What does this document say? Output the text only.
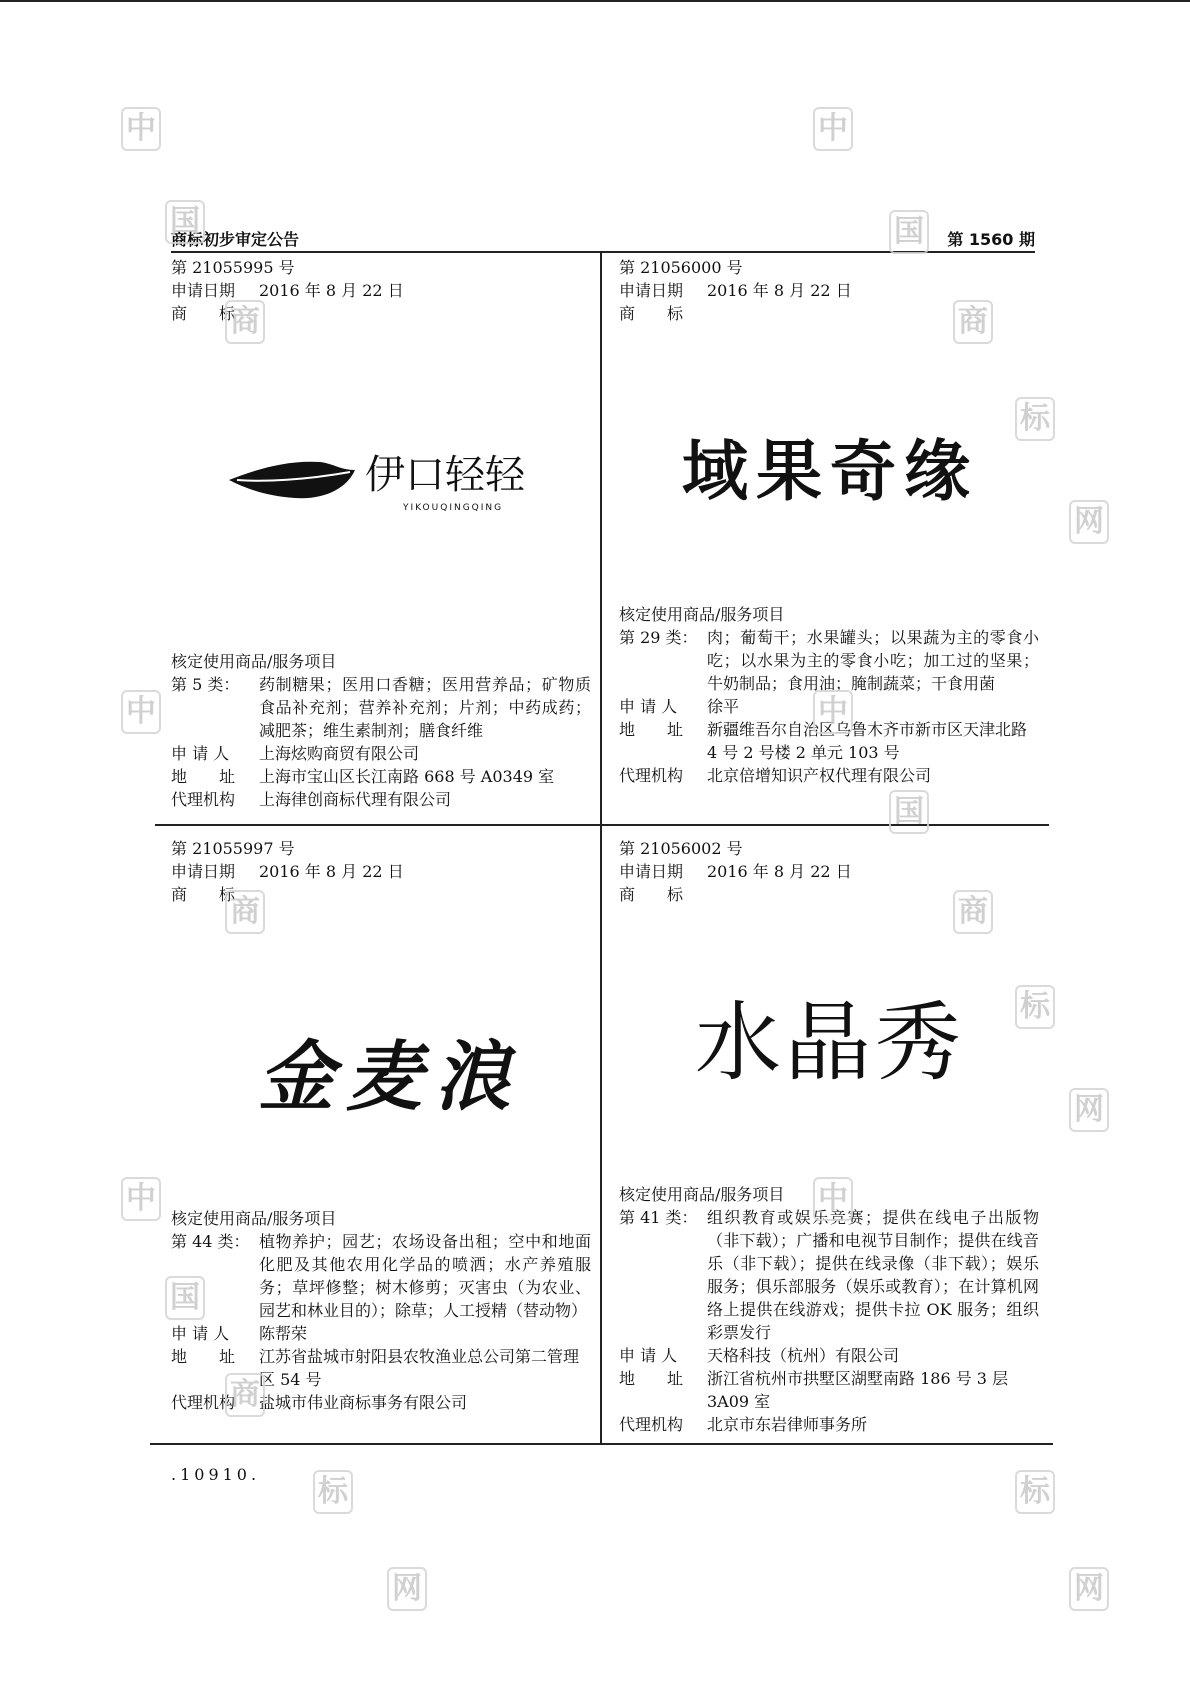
商标初步审定公告	第 1560 期
第 21055995 号
申请日期 2016 年 8 月 22 日
商　　标
伊口轻轻
YIKOUQINGQING
核定使用商品/服务项目
第 5 类：	药制糖果；医用口香糖；医用营养品；矿物质食品补充剂；营养补充剂；片剂；中药成药；减肥茶；维生素制剂；膳食纤维
申 请 人	上海炫购商贸有限公司
地　　址	上海市宝山区长江南路 668 号 A0349 室
代理机构	上海律创商标代理有限公司
第 21056000 号
申请日期 2016 年 8 月 22 日
商　　标
域果奇缘
核定使用商品/服务项目
第 29 类： 肉；葡萄干；水果罐头；以果蔬为主的零食小吃；以水果为主的零食小吃；加工过的坚果；牛奶制品；食用油；腌制蔬菜；干食用菌
申 请 人	徐平
地　　址	新疆维吾尔自治区乌鲁木齐市新市区天津北路 4 号 2 号楼 2 单元 103 号
代理机构	北京倍增知识产权代理有限公司
第 21055997 号
申请日期 2016 年 8 月 22 日
商　　标
金麦浪
核定使用商品/服务项目
第 44 类： 植物养护；园艺；农场设备出租；空中和地面化肥及其他农用化学品的喷洒；水产养殖服务；草坪修整；树木修剪；灭害虫（为农业、园艺和林业目的）；除草；人工授精（替动物）
申 请 人	陈帮荣
地　　址	江苏省盐城市射阳县农牧渔业总公司第二管理区 54 号
代理机构	盐城市伟业商标事务有限公司
第 21056002 号
申请日期 2016 年 8 月 22 日
商　　标
水晶秀
核定使用商品/服务项目
第 41 类： 组织教育或娱乐竞赛；提供在线电子出版物（非下载）；广播和电视节目制作；提供在线音乐（非下载）；提供在线录像（非下载）；娱乐服务；俱乐部服务（娱乐或教育）；在计算机网络上提供在线游戏；提供卡拉 OK 服务；组织彩票发行
申 请 人	天格科技（杭州）有限公司
地　　址	浙江省杭州市拱墅区湖墅南路 186 号 3 层 3A09 室
代理机构	北京市东岩律师事务所
.10910.
中	中
国	国
商	商
标
网
中	中
国
商	商
标
网
中	中
国
商
标	标
网	网
